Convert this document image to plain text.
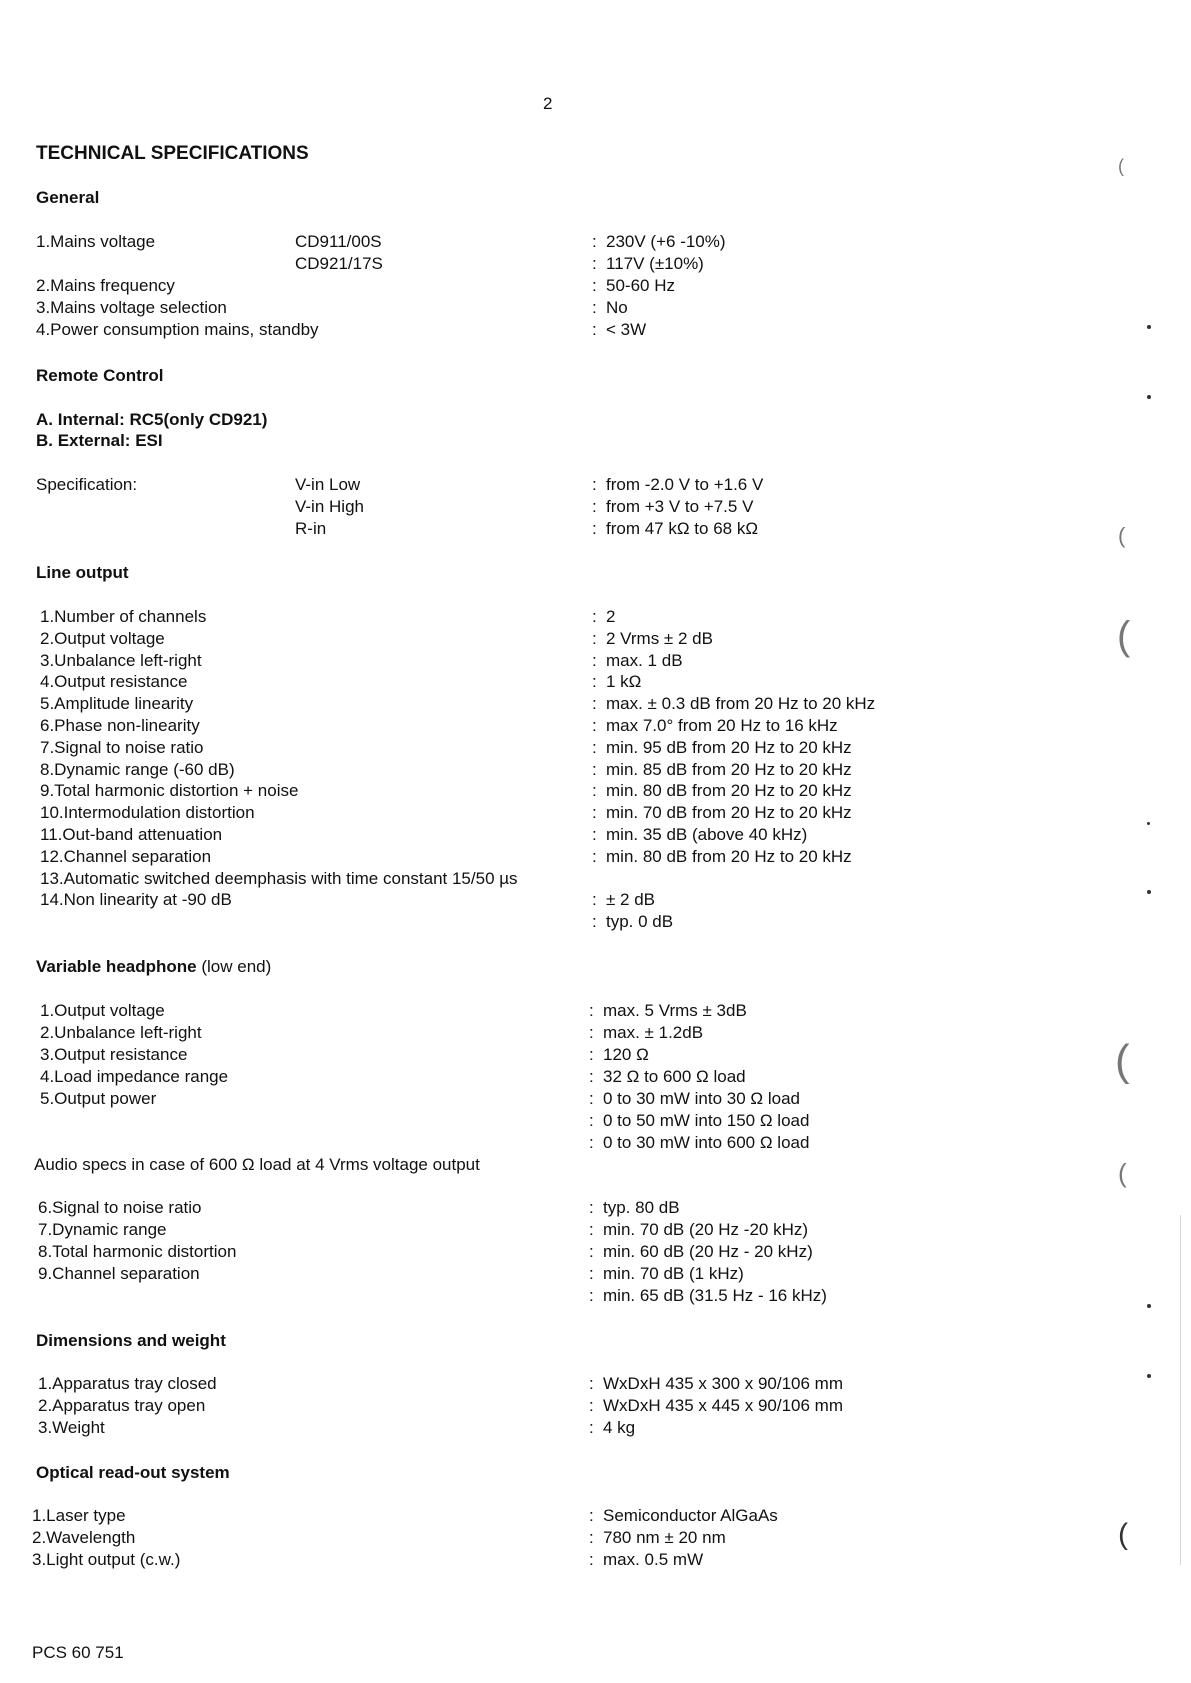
2
TECHNICAL SPECIFICATIONS
General
1.Mains voltage	CD911/00S	: 230V (+6 -10%)
CD921/17S	: 117V (±10%)
2.Mains frequency	: 50-60 Hz
3.Mains voltage selection	: No
4.Power consumption mains, standby	: < 3W
Remote Control
A. Internal: RC5(only CD921)
B. External: ESI
Specification:	V-in Low	: from -2.0 V to +1.6 V
V-in High	: from +3 V to +7.5 V
R-in	: from 47 kΩ to 68 kΩ
Line output
1.Number of channels	: 2
2.Output voltage	: 2 Vrms ± 2 dB
3.Unbalance left-right	: max. 1 dB
4.Output resistance	: 1 kΩ
5.Amplitude linearity	: max. ± 0.3 dB from 20 Hz to 20 kHz
6.Phase non-linearity	: max 7.0° from 20 Hz to 16 kHz
7.Signal to noise ratio	: min. 95 dB from 20 Hz to 20 kHz
8.Dynamic range (-60 dB)	: min. 85 dB from 20 Hz to 20 kHz
9.Total harmonic distortion + noise	: min. 80 dB from 20 Hz to 20 kHz
10.Intermodulation distortion	: min. 70 dB from 20 Hz to 20 kHz
11.Out-band attenuation	: min. 35 dB (above 40 kHz)
12.Channel separation	: min. 80 dB from 20 Hz to 20 kHz
13.Automatic switched deemphasis with time constant 15/50 µs
14.Non linearity at -90 dB	: ± 2 dB
: typ. 0 dB
Variable headphone (low end)
1.Output voltage	: max. 5 Vrms ± 3dB
2.Unbalance left-right	: max. ± 1.2dB
3.Output resistance	: 120 Ω
4.Load impedance range	: 32 Ω to 600 Ω load
5.Output power	: 0 to 30 mW into 30 Ω load
: 0 to 50 mW into 150 Ω load
: 0 to 30 mW into 600 Ω load
Audio specs in case of 600 Ω load at 4 Vrms voltage output
6.Signal to noise ratio	: typ. 80 dB
7.Dynamic range	: min. 70 dB (20 Hz -20 kHz)
8.Total harmonic distortion	: min. 60 dB (20 Hz - 20 kHz)
9.Channel separation	: min. 70 dB (1 kHz)
: min. 65 dB (31.5 Hz - 16 kHz)
Dimensions and weight
1.Apparatus tray closed	: WxDxH 435 x 300 x 90/106 mm
2.Apparatus tray open	: WxDxH 435 x 445 x 90/106 mm
3.Weight	: 4 kg
Optical read-out system
1.Laser type	: Semiconductor AlGaAs
2.Wavelength	: 780 nm ± 20 nm
3.Light output (c.w.)	: max. 0.5 mW
PCS 60 751
(
(
(
(
(
(
